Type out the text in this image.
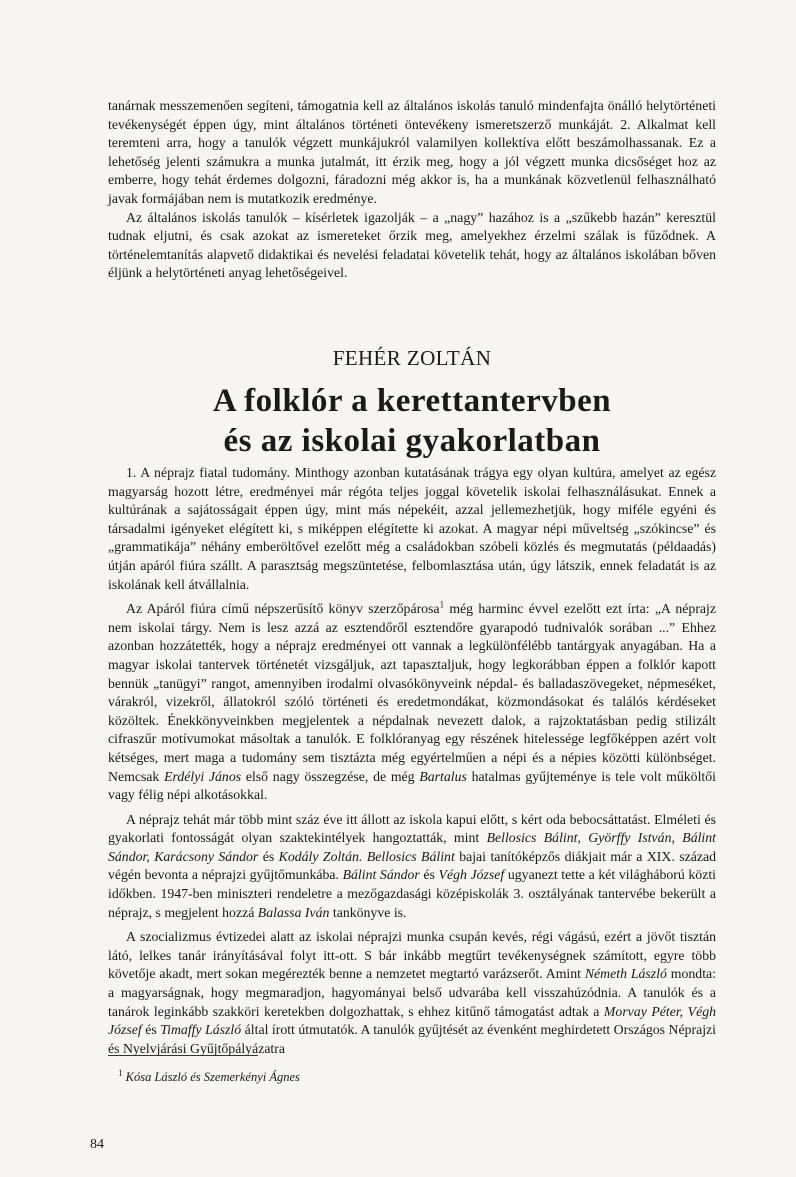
tanárnak messzemenően segíteni, támogatnia kell az általános iskolás tanuló mindenfajta önálló helytörténeti tevékenységét éppen úgy, mint általános történeti öntevékeny ismeretszerző munkáját. 2. Alkalmat kell teremteni arra, hogy a tanulók végzett munkájukról valamilyen kollektíva előtt beszámolhassanak. Ez a lehetőség jelenti számukra a munka jutalmát, itt érzik meg, hogy a jól végzett munka dicsőséget hoz az emberre, hogy tehát érdemes dolgozni, fáradozni még akkor is, ha a munkának közvetlenül felhasználható javak formájában nem is mutatkozik eredménye.

Az általános iskolás tanulók – kísérletek igazolják – a „nagy” hazához is a „szűkebb hazán” keresztül tudnak eljutni, és csak azokat az ismereteket őrzik meg, amelyekhez érzelmi szálak is fűződnek. A történelemtanítás alapvető didaktikai és nevelési feladatai követelik tehát, hogy az általános iskolában bőven éljünk a helytörténeti anyag lehetőségeivel.

FEHÉR ZOLTÁN
A folklór a kerettantervben
és az iskolai gyakorlatban

1. A néprajz fiatal tudomány. Minthogy azonban kutatásának trágya egy olyan kultúra, amelyet az egész magyarság hozott létre, eredményei már régóta teljes joggal követelik iskolai felhasználásukat. Ennek a kultúrának a sajátosságait éppen úgy, mint más népekéit, azzal jellemezhetjük, hogy miféle egyéni és társadalmi igényeket elégített ki, s miképpen elégítette ki azokat. A magyar népi műveltség „szókincse” és „grammatikája” néhány emberöltővel ezelőtt még a családokban szóbeli közlés és megmutatás (példaadás) útján apáról fiúra szállt. A parasztság megszüntetése, felbomlasztása után, úgy látszik, ennek feladatát is az iskolának kell átvállalnia.

Az Apáról fiúra című népszerűsítő könyv szerzőpárosa$^1$ még harminc évvel ezelőtt ezt írta: „A néprajz nem iskolai tárgy. Nem is lesz azzá az esztendőről esztendőre gyarapodó tudnivalók sorában ...” Ehhez azonban hozzátették, hogy a néprajz eredményei ott vannak a legkülönfélébb tantárgyak anyagában. Ha a magyar iskolai tantervek történetét vizsgáljuk, azt tapasztaljuk, hogy legkorábban éppen a folklór kapott bennük „tanügyi” rangot, amennyiben irodalmi olvasókönyveink népdal- és balladaszövegeket, népmeséket, várakról, vizekről, állatokról szóló történeti és eredetmondákat, közmondásokat és találós kérdéseket közöltek. Énekkönyveinkben megjelentek a népdalnak nevezett dalok, a rajzoktatásban pedig stilizált cifraszűr motívumokat másoltak a tanulók. E folklóranyag egy részének hitelessége legfőképpen azért volt kétséges, mert maga a tudomány sem tisztázta még egyértelműen a népi és a népies közötti különbséget. Nemcsak Erdélyi János első nagy összegzése, de még Bartalus hatalmas gyűjteménye is tele volt műköltői vagy félig népi alkotásokkal.

A néprajz tehát már több mint száz éve itt állott az iskola kapui előtt, s kért oda bebocsáttatást. Elméleti és gyakorlati fontosságát olyan szaktekintélyek hangoztatták, mint Bellosics Bálint, Györffy István, Bálint Sándor, Karácsony Sándor és Kodály Zoltán. Bellosics Bálint bajai tanítóképzős diákjait már a XIX. század végén bevonta a néprajzi gyűjtőmunkába. Bálint Sándor és Végh József ugyanezt tette a két világháború közti időkben. 1947-ben miniszteri rendeletre a mezőgazdasági középiskolák 3. osztályának tantervébe bekerült a néprajz, s megjelent hozzá Balassa Iván tankönyve is.

A szocializmus évtizedei alatt az iskolai néprajzi munka csupán kevés, régi vágású, ezért a jövőt tisztán látó, lelkes tanár irányításával folyt itt-ott. S bár inkább megtűrt tevékenységnek számított, egyre több követője akadt, mert sokan megérezték benne a nemzetet megtartó varázserőt. Amint Németh László mondta: a magyarságnak, hogy megmaradjon, hagyományai belső udvarába kell visszahúzódnia. A tanulók és a tanárok leginkább szakköri keretekben dolgozhattak, s ehhez kitűnő támogatást adtak a Morvay Péter, Végh József és Timaffy László által írott útmutatók. A tanulók gyűjtését az évenként meghirdetett Országos Néprajzi és Nyelvjárási Gyűjtőpályázatra

$^1$ Kósa László és Szemerkényi Ágnes
84
